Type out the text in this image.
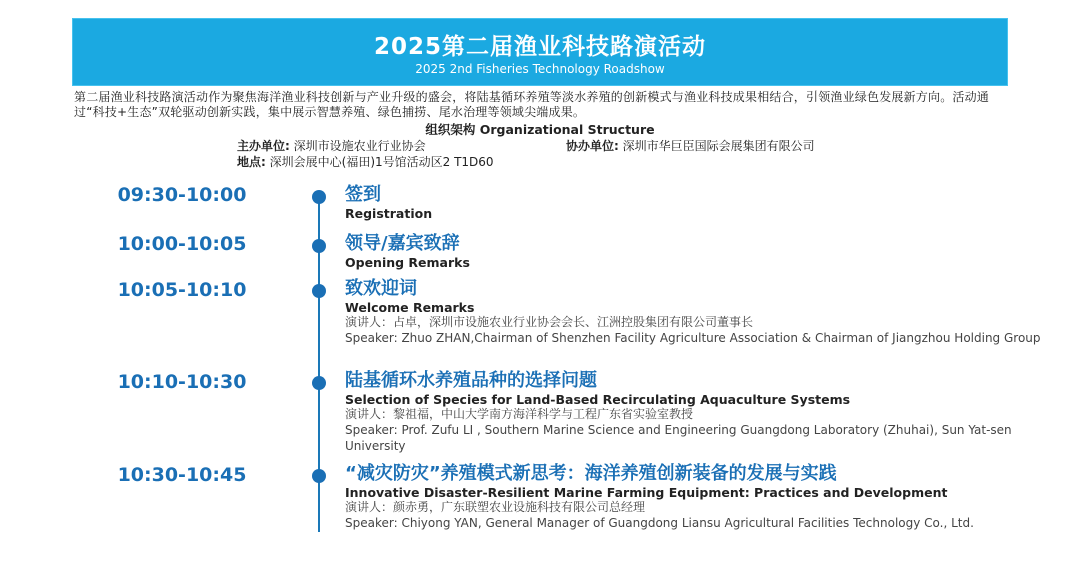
2025第二届渔业科技路演活动
2025 2nd Fisheries Technology Roadshow
第二届渔业科技路演活动作为聚焦海洋渔业科技创新与产业升级的盛会，将陆基循环养殖等淡水养殖的创新模式与渔业科技成果相结合，引领渔业绿色发展新方向。活动通过“科技+生态”双轮驱动创新实践，集中展示智慧养殖、绿色捕捞、尾水治理等领域尖端成果。
组织架构 Organizational Structure
主办单位: 深圳市设施农业行业协会	协办单位: 深圳市华巨臣国际会展集团有限公司
地点: 深圳会展中心(福田)1号馆活动区2 T1D60
09:30-10:00	签到
Registration
10:00-10:05	领导/嘉宾致辞
Opening Remarks
10:05-10:10	致欢迎词
Welcome Remarks
演讲人：占卓，深圳市设施农业行业协会会长、江洲控股集团有限公司董事长
Speaker: Zhuo ZHAN,Chairman of Shenzhen Facility Agriculture Association & Chairman of Jiangzhou Holding Group
10:10-10:30	陆基循环水养殖品种的选择问题
Selection of Species for Land-Based Recirculating Aquaculture Systems
演讲人：黎祖福，中山大学南方海洋科学与工程广东省实验室教授
Speaker: Prof. Zufu LI , Southern Marine Science and Engineering Guangdong Laboratory (Zhuhai), Sun Yat-sen University
10:30-10:45	“减灾防灾”养殖模式新思考：海洋养殖创新装备的发展与实践
Innovative Disaster-Resilient Marine Farming Equipment: Practices and Development
演讲人：颜赤勇，广东联塑农业设施科技有限公司总经理
Speaker: Chiyong YAN, General Manager of Guangdong Liansu Agricultural Facilities Technology Co., Ltd.
